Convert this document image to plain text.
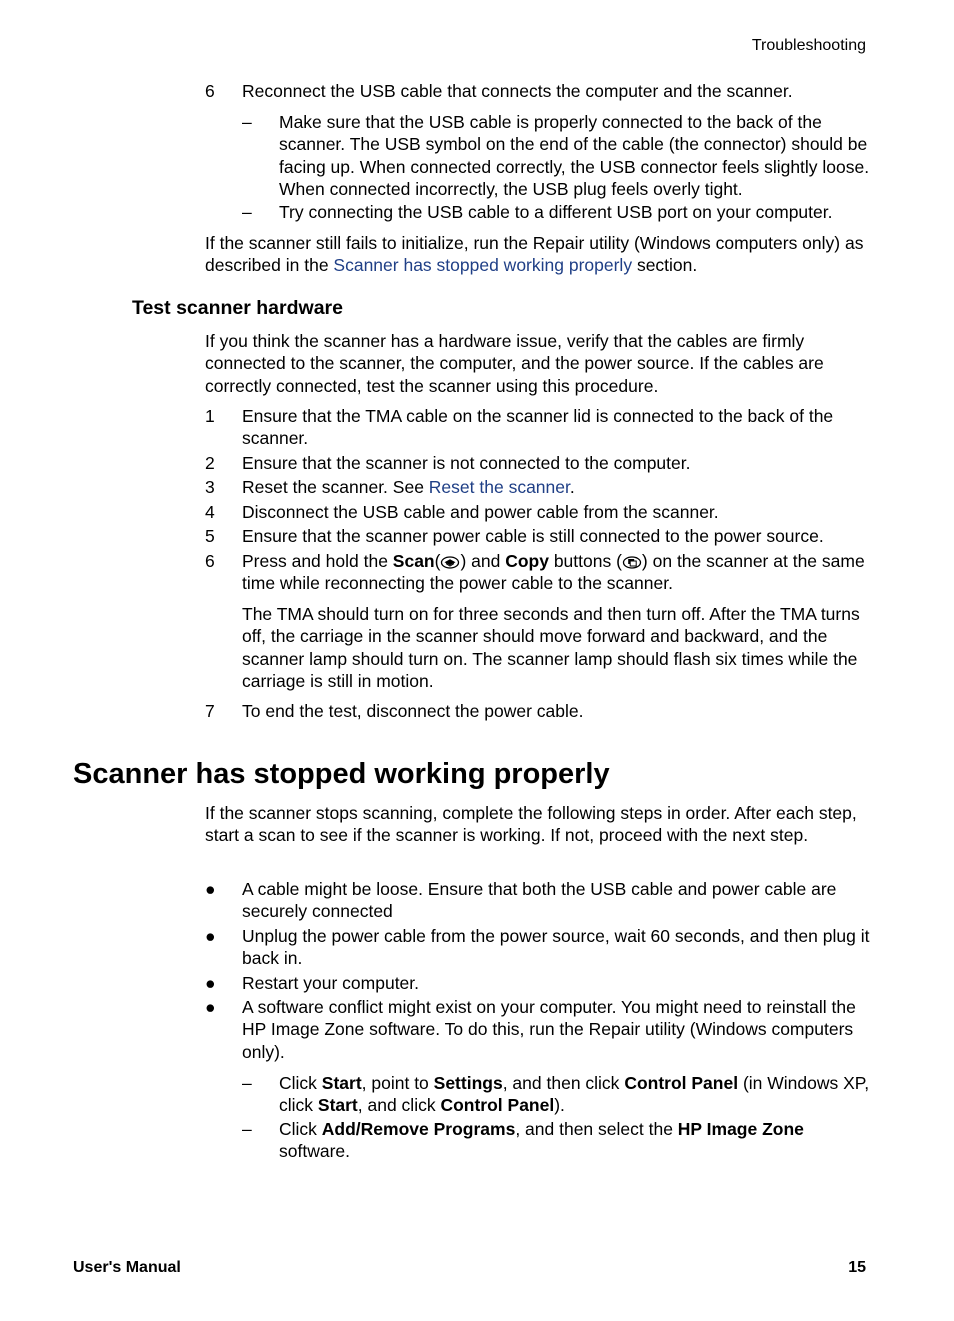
Troubleshooting
6 Reconnect the USB cable that connects the computer and the scanner.
– Make sure that the USB cable is properly connected to the back of the scanner. The USB symbol on the end of the cable (the connector) should be facing up. When connected correctly, the USB connector feels slightly loose. When connected incorrectly, the USB plug feels overly tight.
– Try connecting the USB cable to a different USB port on your computer.
If the scanner still fails to initialize, run the Repair utility (Windows computers only) as described in the Scanner has stopped working properly section.
Test scanner hardware
If you think the scanner has a hardware issue, verify that the cables are firmly connected to the scanner, the computer, and the power source. If the cables are correctly connected, test the scanner using this procedure.
1 Ensure that the TMA cable on the scanner lid is connected to the back of the scanner.
2 Ensure that the scanner is not connected to the computer.
3 Reset the scanner. See Reset the scanner.
4 Disconnect the USB cable and power cable from the scanner.
5 Ensure that the scanner power cable is still connected to the power source.
6 Press and hold the Scan( ) and Copy buttons ( ) on the scanner at the same time while reconnecting the power cable to the scanner.
The TMA should turn on for three seconds and then turn off. After the TMA turns off, the carriage in the scanner should move forward and backward, and the scanner lamp should turn on. The scanner lamp should flash six times while the carriage is still in motion.
7 To end the test, disconnect the power cable.
Scanner has stopped working properly
If the scanner stops scanning, complete the following steps in order. After each step, start a scan to see if the scanner is working. If not, proceed with the next step.
● A cable might be loose. Ensure that both the USB cable and power cable are securely connected
● Unplug the power cable from the power source, wait 60 seconds, and then plug it back in.
● Restart your computer.
● A software conflict might exist on your computer. You might need to reinstall the HP Image Zone software. To do this, run the Repair utility (Windows computers only).
– Click Start, point to Settings, and then click Control Panel (in Windows XP, click Start, and click Control Panel).
– Click Add/Remove Programs, and then select the HP Image Zone software.
User's Manual	15
